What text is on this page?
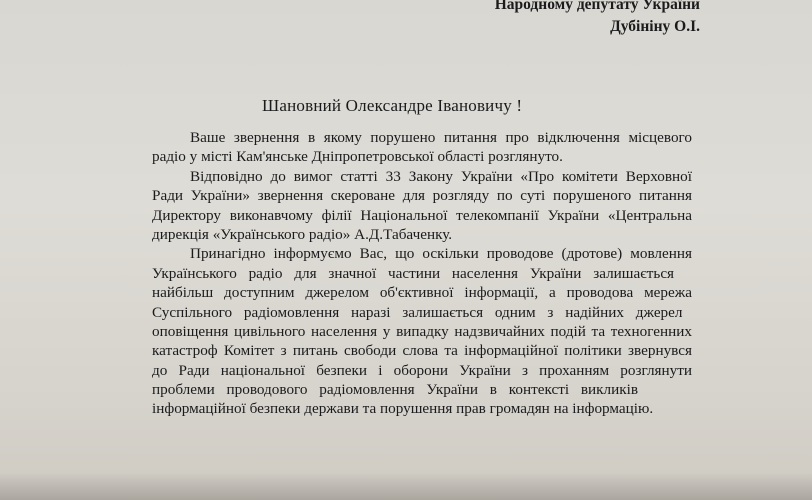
Народному депутату України
Дубініну О.І.
Шановний Олександре Івановичу !
Ваше звернення в якому порушено питання про відключення місцевого
радіо у місті Кам'янське Дніпропетровської області розглянуто.
Відповідно до вимог статті 33 Закону України «Про комітети Верховної
Ради України» звернення скероване для розгляду по суті порушеного питання
Директору виконавчому філії Національної телекомпанії України «Центральна
дирекція «Українського радіо» А.Д.Табаченку.
Принагідно інформуємо Вас, що оскільки проводове (дротове) мовлення
Українського радіо для значної частини населення України залишається
найбільш доступним джерелом об'єктивної інформації, а проводова мережа
Суспільного радіомовлення наразі залишається одним з надійних джерел
оповіщення цивільного населення у випадку надзвичайних подій та техногенних
катастроф Комітет з питань свободи слова та інформаційної політики звернувся
до Ради національної безпеки і оборони України з проханням розглянути
проблеми проводового радіомовлення України в контексті викликів
інформаційної безпеки держави та порушення прав громадян на інформацію.
